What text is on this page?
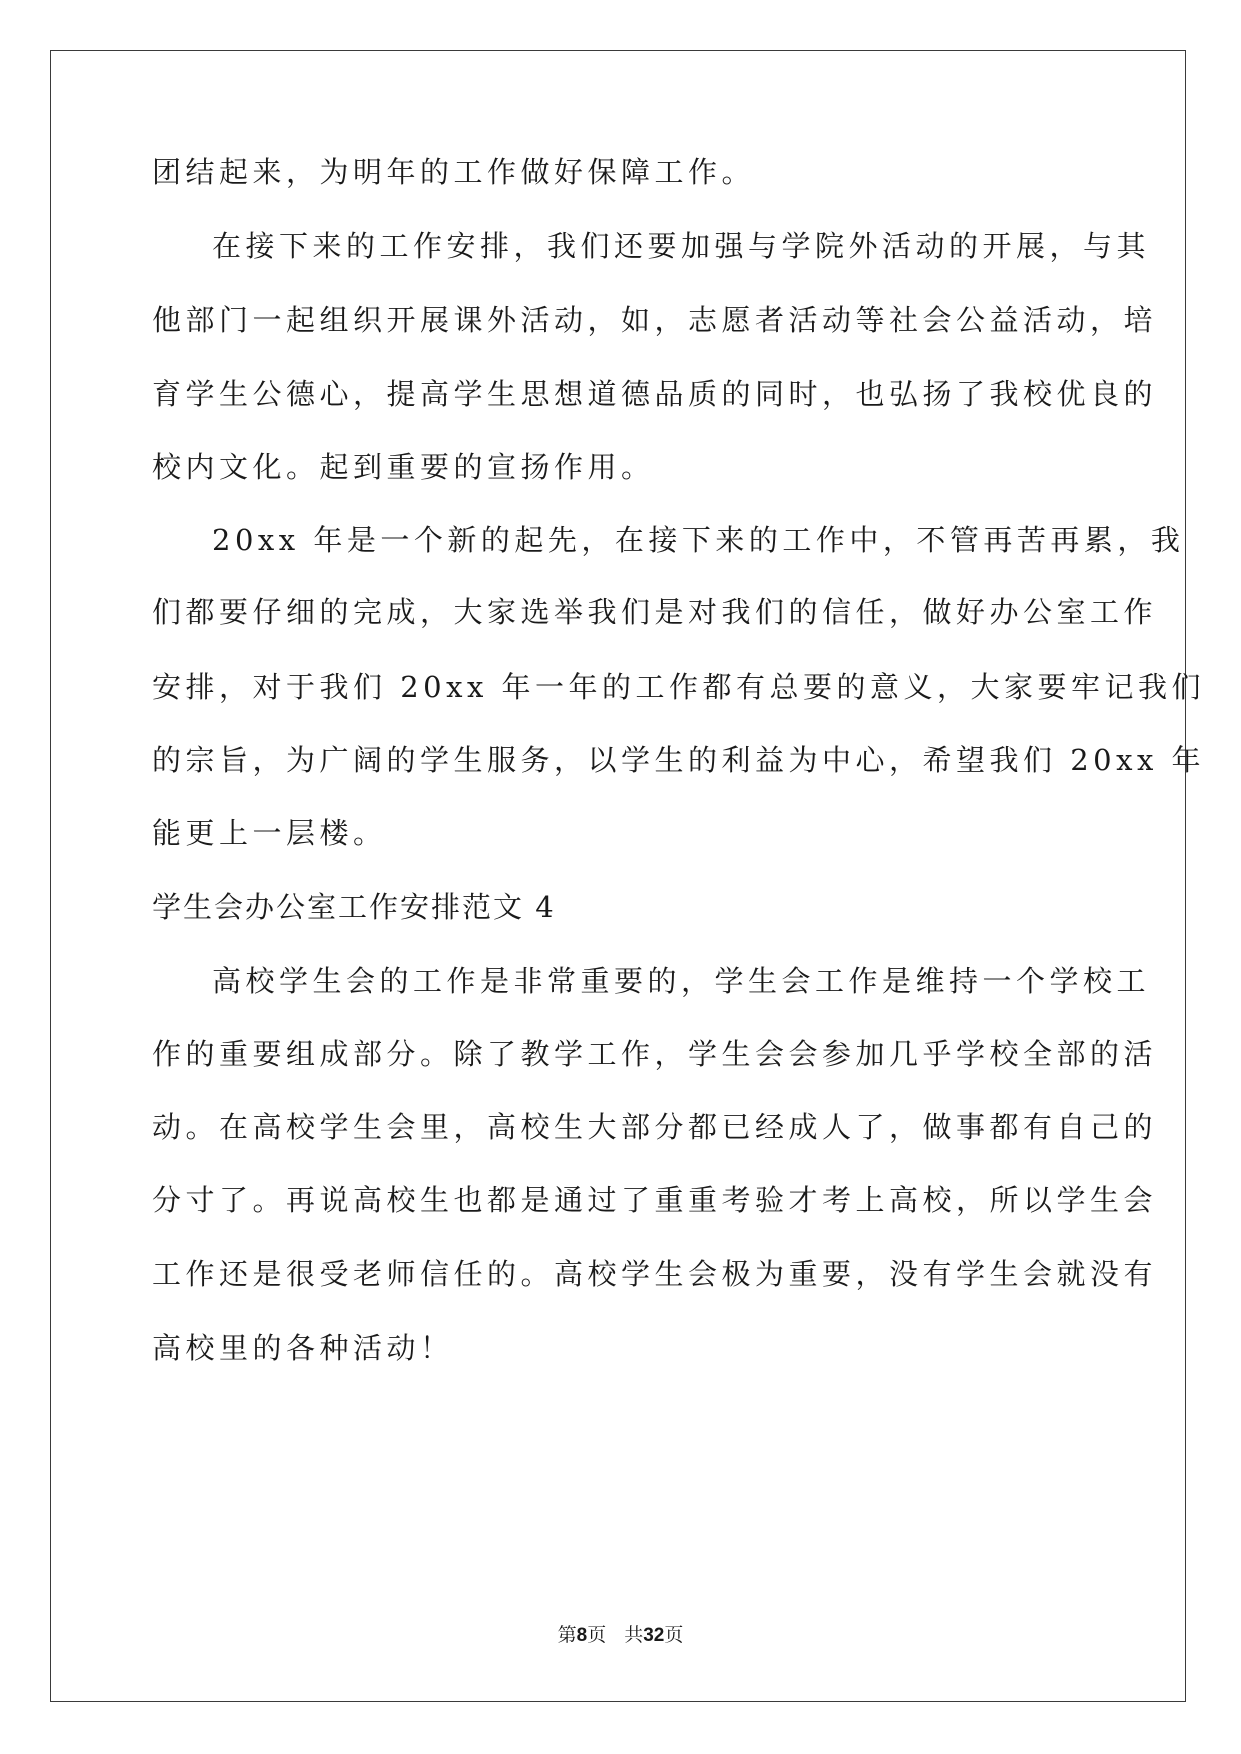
团结起来，为明年的工作做好保障工作。
在接下来的工作安排，我们还要加强与学院外活动的开展，与其
他部门一起组织开展课外活动，如，志愿者活动等社会公益活动，培
育学生公德心，提高学生思想道德品质的同时，也弘扬了我校优良的
校内文化。起到重要的宣扬作用。
20xx 年是一个新的起先，在接下来的工作中，不管再苦再累，我
们都要仔细的完成，大家选举我们是对我们的信任，做好办公室工作
安排，对于我们 20xx 年一年的工作都有总要的意义，大家要牢记我们
的宗旨，为广阔的学生服务，以学生的利益为中心，希望我们 20xx 年
能更上一层楼。
学生会办公室工作安排范文 4
高校学生会的工作是非常重要的，学生会工作是维持一个学校工
作的重要组成部分。除了教学工作，学生会会参加几乎学校全部的活
动。在高校学生会里，高校生大部分都已经成人了，做事都有自己的
分寸了。再说高校生也都是通过了重重考验才考上高校，所以学生会
工作还是很受老师信任的。高校学生会极为重要，没有学生会就没有
高校里的各种活动！
第8页 共32页
